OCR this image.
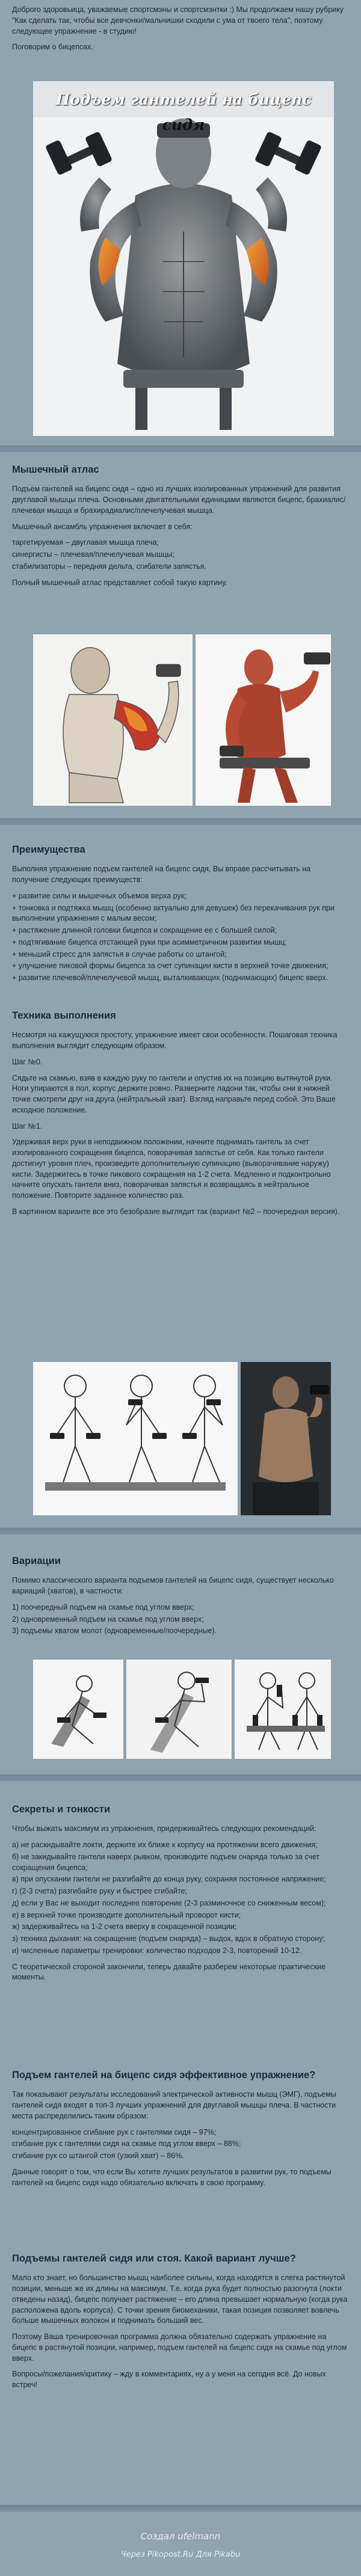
Доброго здоровьица, уважаемые спортсмэны и спортсмэнтки :) Мы продолжаем нашу рубрику "Как сделать так, чтобы все девчонки/мальчишки сходили с ума от твоего тела", поэтому следующее упражнение - в студию!

Поговорим о бицепсах.

Подъем гантелей на бицепс сидя
Мышечный атлас

Подъем гантелей на бицепс сидя – одно из лучших изолированных упражнений для развития двуглавой мышцы плеча. Основными двигательными единицами являются бицепс, брахиалис/плечевая мышца и брахирадиалис/плечелучевая мышца.

Мышечный ансамбль упражнения включает в себя:

таргетируемая – двуглавая мышца плеча;

синергисты – плечевая/плечелучевая мышцы;

стабилизаторы – передняя дельта, сгибатели запястья.

Полный мышечный атлас представляет собой такую картину.

Преимущества

Выполняя упражнение подъем гантелей на бицепс сидя, Вы вправе рассчитывать на получение следующих преимуществ:

+ развитие силы и мышечных объемов верха рук;

+ тонковка и подтяжка мышц (особенно актуально для девушек) без перекачивания рук при выполнении упражнения с малым весом;

+ растяжение длинной головки бицепса и сокращение ее с большей силой;

+ подтягивание бицепса отстающей руки при асимметричном развитии мышц;

+ меньший стресс для запястья в случае работы со штангой;

+ улучшение пиковой формы бицепса за счет супинации кисти в верхней точке движения;

+ развитие плечевой/плечелучевой мышц, выталкивающих (поднимающих) бицепс вверх.

Техника выполнения

Несмотря на кажущуюся простоту, упражнение имеет свои особенности. Пошаговая техника выполнения выглядит следующим образом.

Шаг №0.

Сядьте на скамью, взяв в каждую руку по гантели и опустив их на позицию вытянутой руки. Ноги упираются в пол, корпус держите ровно. Разверните ладони так, чтобы они в нижней точке смотрели друг на друга (нейтральный хват). Взгляд направьте перед собой. Это Ваше исходное положение.

Шаг №1.

Удерживая верх руки в неподвижном положении, начните поднимать гантель за счет изолированного сокращения бицепса, поворачивая запястье от себя. Как только гантели достигнут уровня плеч, произведите дополнительную супинацию (выворачивание наружу) кисти. Задержитесь в точке пикового сокращения на 1-2 счета. Медленно и подконтрольно начните опускать гантели вниз, поворачивая запястья и возвращаясь в нейтральное положение. Повторите заданное количество раз.

В картинном варианте все это безобразие выглядит так (вариант №2 – поочередная версия).

Вариации

Помимо классического варианта подъемов гантелей на бицепс сидя, существует несколько вариаций (хватов), в частности:

1) поочередный подъем на скамье под углом вверх;

2) одновременный подъем на скамье под углом вверх;

3) подъемы хватом молот (одновременные/поочередные).

Секреты и тонкости

Чтобы выжать максимум из упражнения, придерживайтесь следующих рекомендаций:

а) не раскидывайте локти, держите их ближе к корпусу на протяжении всего движения;

б) не закидывайте гантели наверх рывком, производите подъем снаряда только за счет сокращения бицепса;

в) при опускании гантели не разгибайте до конца руку, сохраняя постоянное напряжение;

г) (2-3 счета) разгибайте руку и быстрее сгибайте;

д) если у Вас не выходит последнее повторение (2-3 разминочное со сниженным весом);

е) в верхней точке производите дополнительный проворот кисти;

ж) задерживайтесь на 1-2 счета вверху в сокращенной позиции;

з) техника дыхания: на сокращение (подъем снаряда) – выдох, вдох в обратную сторону;

и) численные параметры тренировки: количество подходов 2-3, повторений 10-12.

С теоретической стороной закончили, теперь давайте разберем некоторые практические моменты.

Подъем гантелей на бицепс сидя эффективное упражнение?

Так показывают результаты исследований электрической активности мышц (ЭМГ), подъемы гантелей сидя входят в топ-3 лучших упражнений для двуглавой мышцы плеча. В частности места распределились таким образом:

концентрированное сгибание рук с гантелями сидя – 97%;

сгибание рук с гантелями сидя на скамье под углом вверх – 88%;

сгибание рук со штангой стоя (узкий хват) – 86%.

Данные говорят о том, что если Вы хотите лучших результатов в развитии рук, то подъемы гантелей на бицепс сидя надо обязательно включать в свою программу.

Подъемы гантелей сидя или стоя. Какой вариант лучше?

Мало кто знает, но большинство мышц наиболее сильны, когда находятся в слегка растянутой позиции, меньше же их длины на максимум. Т.е. когда рука будет полностью разогнута (локти отведены назад), бицепс получает растяжение – его длина превышает нормальную (когда рука расположена вдоль корпуса). С точки зрения биомеханики, такая позиция позволяет вовлечь больше мышечных волокон и поднимать больший вес.

Поэтому Ваша тренировочная программа должна обязательно содержать упражнение на бицепс в растянутой позиции, например, подъем гантелей на бицепс сидя на скамье под углом вверх.

Вопросы/пожелания/критику – жду в комментариях, ну а у меня на сегодня всё. До новых встреч!

Создал ufelmann
Через Pikopost.Ru Для Pikabu
